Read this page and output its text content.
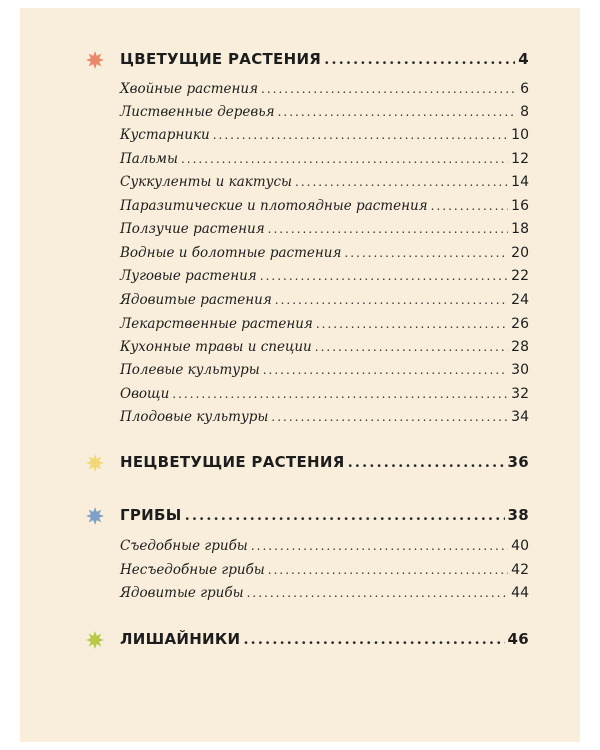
ЦВЕТУЩИЕ РАСТЕНИЯ .....	4
Хвойные растения .....	6
Лиственные деревья .....	8
Кустарники .....	10
Пальмы .....	12
Суккуленты и кактусы .....	14
Паразитические и плотоядные растения .....	16
Ползучие растения .....	18
Водные и болотные растения .....	20
Луговые растения .....	22
Ядовитые растения .....	24
Лекарственные растения .....	26
Кухонные травы и специи .....	28
Полевые культуры .....	30
Овощи .....	32
Плодовые культуры .....	34
НЕЦВЕТУЩИЕ РАСТЕНИЯ .....	36
ГРИБЫ .....	38
Съедобные грибы .....	40
Несъедобные грибы .....	42
Ядовитые грибы .....	44
ЛИШАЙНИКИ .....	46
